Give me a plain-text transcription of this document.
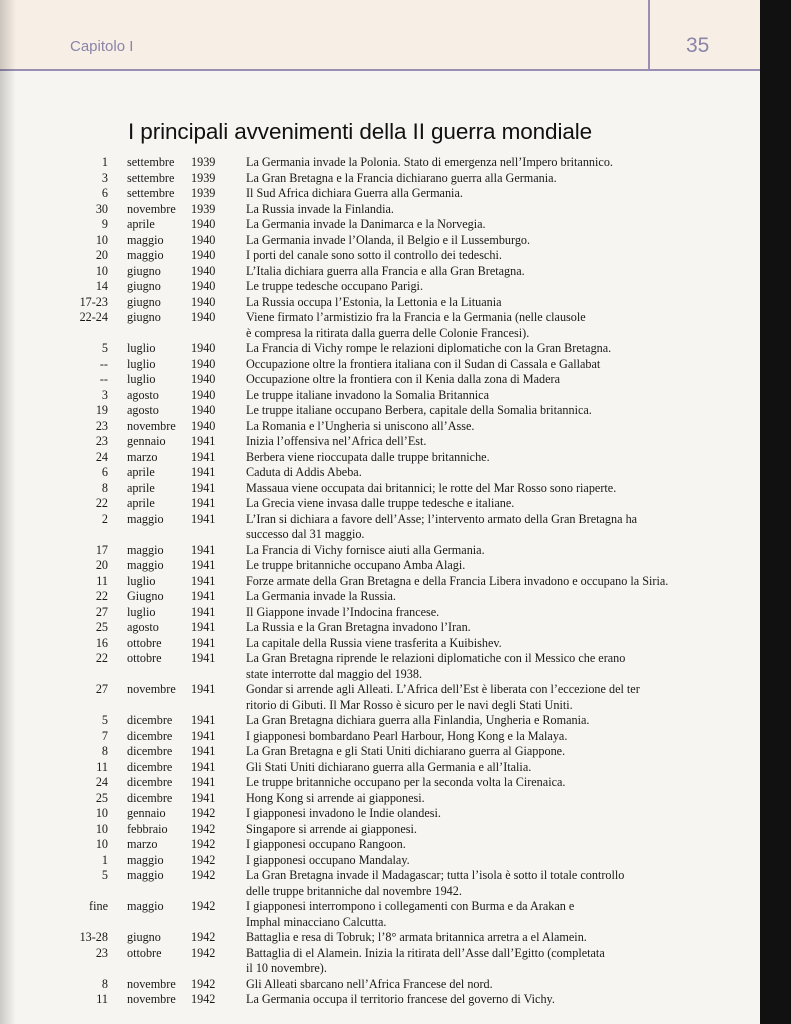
Capitolo I	35
I principali avvenimenti della II guerra mondiale
1 settembre	1939	La Germania invade la Polonia. Stato di emergenza nell’Impero britannico.
3 settembre	1939	La Gran Bretagna e la Francia dichiarano guerra alla Germania.
6 settembre	1939	Il Sud Africa dichiara Guerra alla Germania.
30 novembre	1939	La Russia invade la Finlandia.
9 aprile	1940	La Germania invade la Danimarca e la Norvegia.
10 maggio	1940	La Germania invade l’Olanda, il Belgio e il Lussemburgo.
20 maggio	1940	I porti del canale sono sotto il controllo dei tedeschi.
10 giugno	1940	L’Italia dichiara guerra alla Francia e alla Gran Bretagna.
14 giugno	1940	Le truppe tedesche occupano Parigi.
17-23 giugno	1940	La Russia occupa l’Estonia, la Lettonia e la Lituania
22-24 giugno	1940	Viene firmato l’armistizio fra la Francia e la Germania (nelle clausole
è compresa la ritirata dalla guerra delle Colonie Francesi).
5 luglio	1940	La Francia di Vichy rompe le relazioni diplomatiche con la Gran Bretagna.
-- luglio	1940	Occupazione oltre la frontiera italiana con il Sudan di Cassala e Gallabat
-- luglio	1940	Occupazione oltre la frontiera con il Kenia dalla zona di Madera
3 agosto	1940	Le truppe italiane invadono la Somalia Britannica
19 agosto	1940	Le truppe italiane occupano Berbera, capitale della Somalia britannica.
23 novembre	1940	La Romania e l’Ungheria si uniscono all’Asse.
23 gennaio	1941	Inizia l’offensiva nel’Africa dell’Est.
24 marzo	1941	Berbera viene rioccupata dalle truppe britanniche.
6 aprile	1941	Caduta di Addis Abeba.
8 aprile	1941	Massaua viene occupata dai britannici; le rotte del Mar Rosso sono riaperte.
22 aprile	1941	La Grecia viene invasa dalle truppe tedesche e italiane.
2 maggio	1941	L’Iran si dichiara a favore dell’Asse; l’intervento armato della Gran Bretagna ha
successo dal 31 maggio.
17 maggio	1941	La Francia di Vichy fornisce aiuti alla Germania.
20 maggio	1941	Le truppe britanniche occupano Amba Alagi.
11 luglio	1941	Forze armate della Gran Bretagna e della Francia Libera invadono e occupano la Siria.
22 Giugno	1941	La Germania invade la Russia.
27 luglio	1941	Il Giappone invade l’Indocina francese.
25 agosto	1941	La Russia e la Gran Bretagna invadono l’Iran.
16 ottobre	1941	La capitale della Russia viene trasferita a Kuibishev.
22 ottobre	1941	La Gran Bretagna riprende le relazioni diplomatiche con il Messico che erano
state interrotte dal maggio del 1938.
27 novembre	1941	Gondar si arrende agli Alleati. L’Africa dell’Est è liberata con l’eccezione del ter
ritorio di Gibuti. Il Mar Rosso è sicuro per le navi degli Stati Uniti.
5 dicembre	1941	La Gran Bretagna dichiara guerra alla Finlandia, Ungheria e Romania.
7 dicembre	1941	I giapponesi bombardano Pearl Harbour, Hong Kong e la Malaya.
8 dicembre	1941	La Gran Bretagna e gli Stati Uniti dichiarano guerra al Giappone.
11 dicembre	1941	Gli Stati Uniti dichiarano guerra alla Germania e all’Italia.
24 dicembre	1941	Le truppe britanniche occupano per la seconda volta la Cirenaica.
25 dicembre	1941	Hong Kong si arrende ai giapponesi.
10 gennaio	1942	I giapponesi invadono le Indie olandesi.
10 febbraio	1942	Singapore si arrende ai giapponesi.
10 marzo	1942	I giapponesi occupano Rangoon.
1 maggio	1942	I giapponesi occupano Mandalay.
5 maggio	1942	La Gran Bretagna invade il Madagascar; tutta l’isola è sotto il totale controllo
delle truppe britanniche dal novembre 1942.
fine maggio	1942	I giapponesi interrompono i collegamenti con Burma e da Arakan e
Imphal minacciano Calcutta.
13-28 giugno	1942	Battaglia e resa di Tobruk; l’8° armata britannica arretra a el Alamein.
23 ottobre	1942	Battaglia di el Alamein. Inizia la ritirata dell’Asse dall’Egitto (completata
il 10 novembre).
8 novembre	1942	Gli Alleati sbarcano nell’Africa Francese del nord.
11 novembre	1942	La Germania occupa il territorio francese del governo di Vichy.
